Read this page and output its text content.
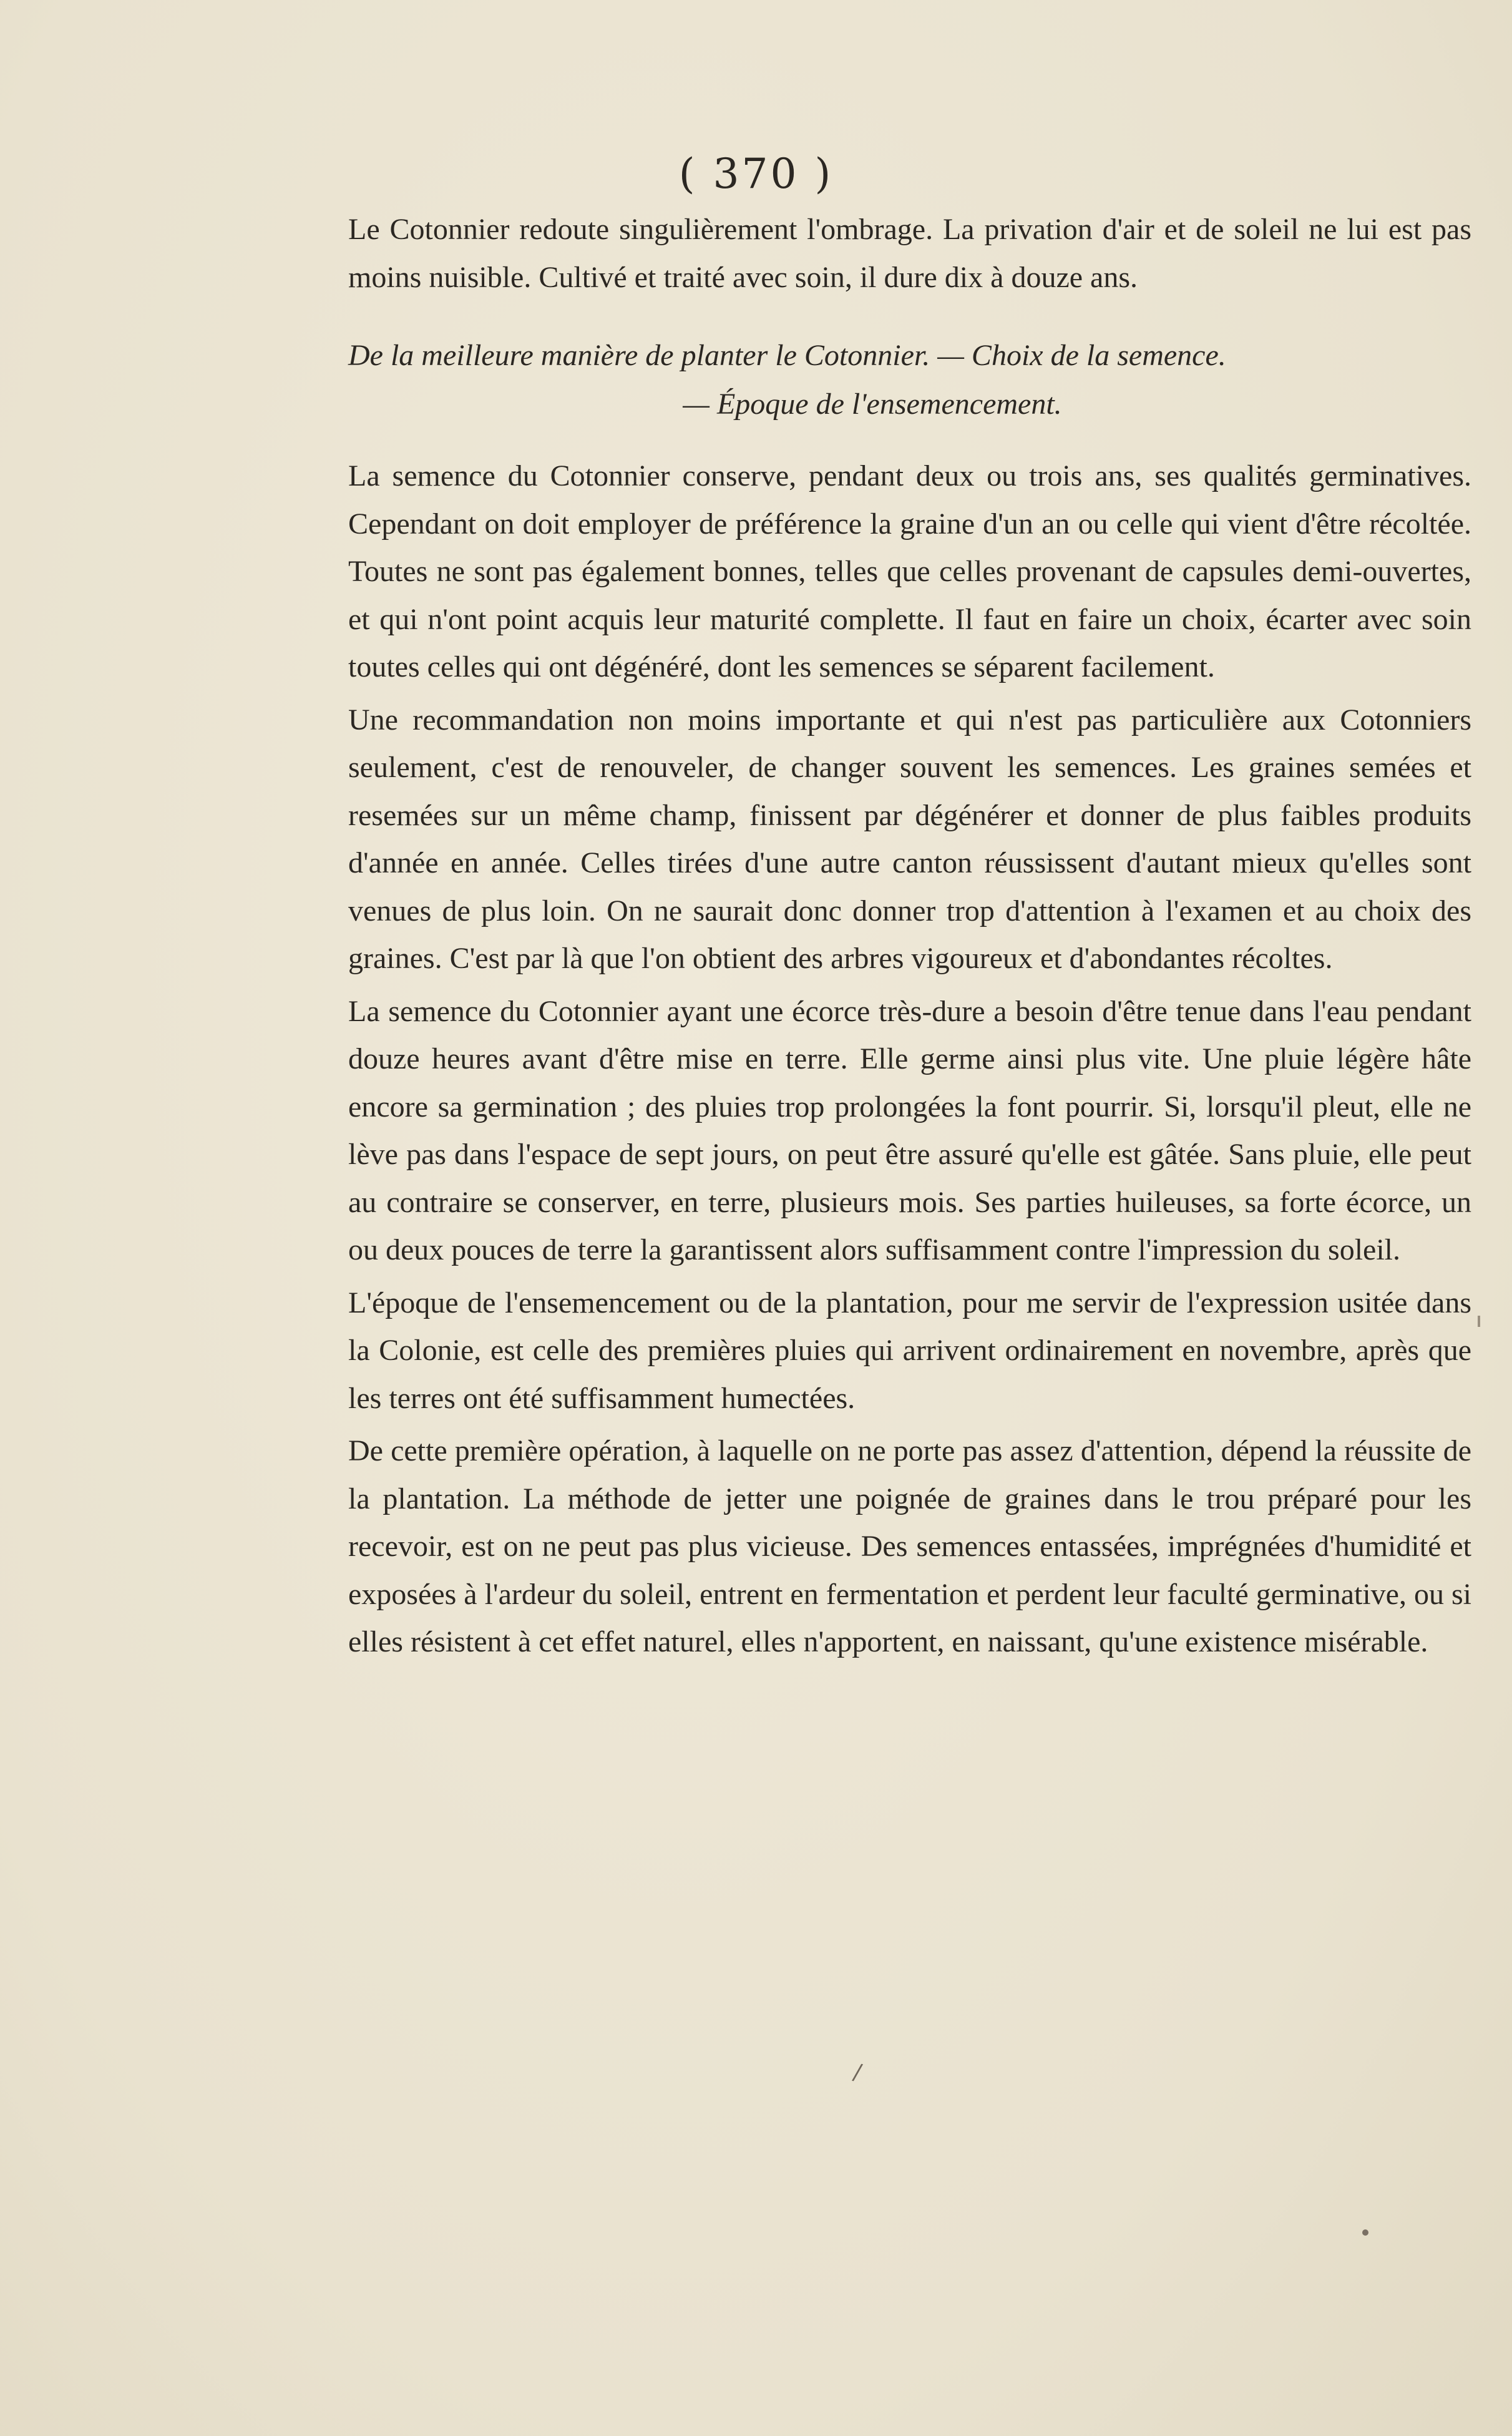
( 370 )

Le Cotonnier redoute singulièrement l'ombrage. La privation d'air et de soleil ne lui est pas moins nuisible. Cultivé et traité avec soin, il dure dix à douze ans.

De la meilleure manière de planter le Cotonnier. — Choix de la semence.
— Époque de l'ensemencement.

La semence du Cotonnier conserve, pendant deux ou trois ans, ses qualités germinatives. Cependant on doit employer de préférence la graine d'un an ou celle qui vient d'être récoltée. Toutes ne sont pas également bonnes, telles que celles provenant de capsules demi-ouvertes, et qui n'ont point acquis leur maturité complette. Il faut en faire un choix, écarter avec soin toutes celles qui ont dégénéré, dont les semences se séparent facilement.

Une recommandation non moins importante et qui n'est pas particulière aux Cotonniers seulement, c'est de renouveler, de changer souvent les semences. Les graines semées et resemées sur un même champ, finissent par dégénérer et donner de plus faibles produits d'année en année. Celles tirées d'une autre canton réussissent d'autant mieux qu'elles sont venues de plus loin. On ne saurait donc donner trop d'attention à l'examen et au choix des graines. C'est par là que l'on obtient des arbres vigoureux et d'abondantes récoltes.

La semence du Cotonnier ayant une écorce très-dure a besoin d'être tenue dans l'eau pendant douze heures avant d'être mise en terre. Elle germe ainsi plus vite. Une pluie légère hâte encore sa germination ; des pluies trop prolongées la font pourrir. Si, lorsqu'il pleut, elle ne lève pas dans l'espace de sept jours, on peut être assuré qu'elle est gâtée. Sans pluie, elle peut au contraire se conserver, en terre, plusieurs mois. Ses parties huileuses, sa forte écorce, un ou deux pouces de terre la garantissent alors suffisamment contre l'impression du soleil.

L'époque de l'ensemencement ou de la plantation, pour me servir de l'expression usitée dans la Colonie, est celle des premières pluies qui arrivent ordinairement en novembre, après que les terres ont été suffisamment humectées.

De cette première opération, à laquelle on ne porte pas assez d'attention, dépend la réussite de la plantation. La méthode de jetter une poignée de graines dans le trou préparé pour les recevoir, est on ne peut pas plus vicieuse. Des semences entassées, imprégnées d'humidité et exposées à l'ardeur du soleil, entrent en fermentation et perdent leur faculté germinative, ou si elles résistent à cet effet naturel, elles n'apportent, en naissant, qu'une existence misérable.

/
